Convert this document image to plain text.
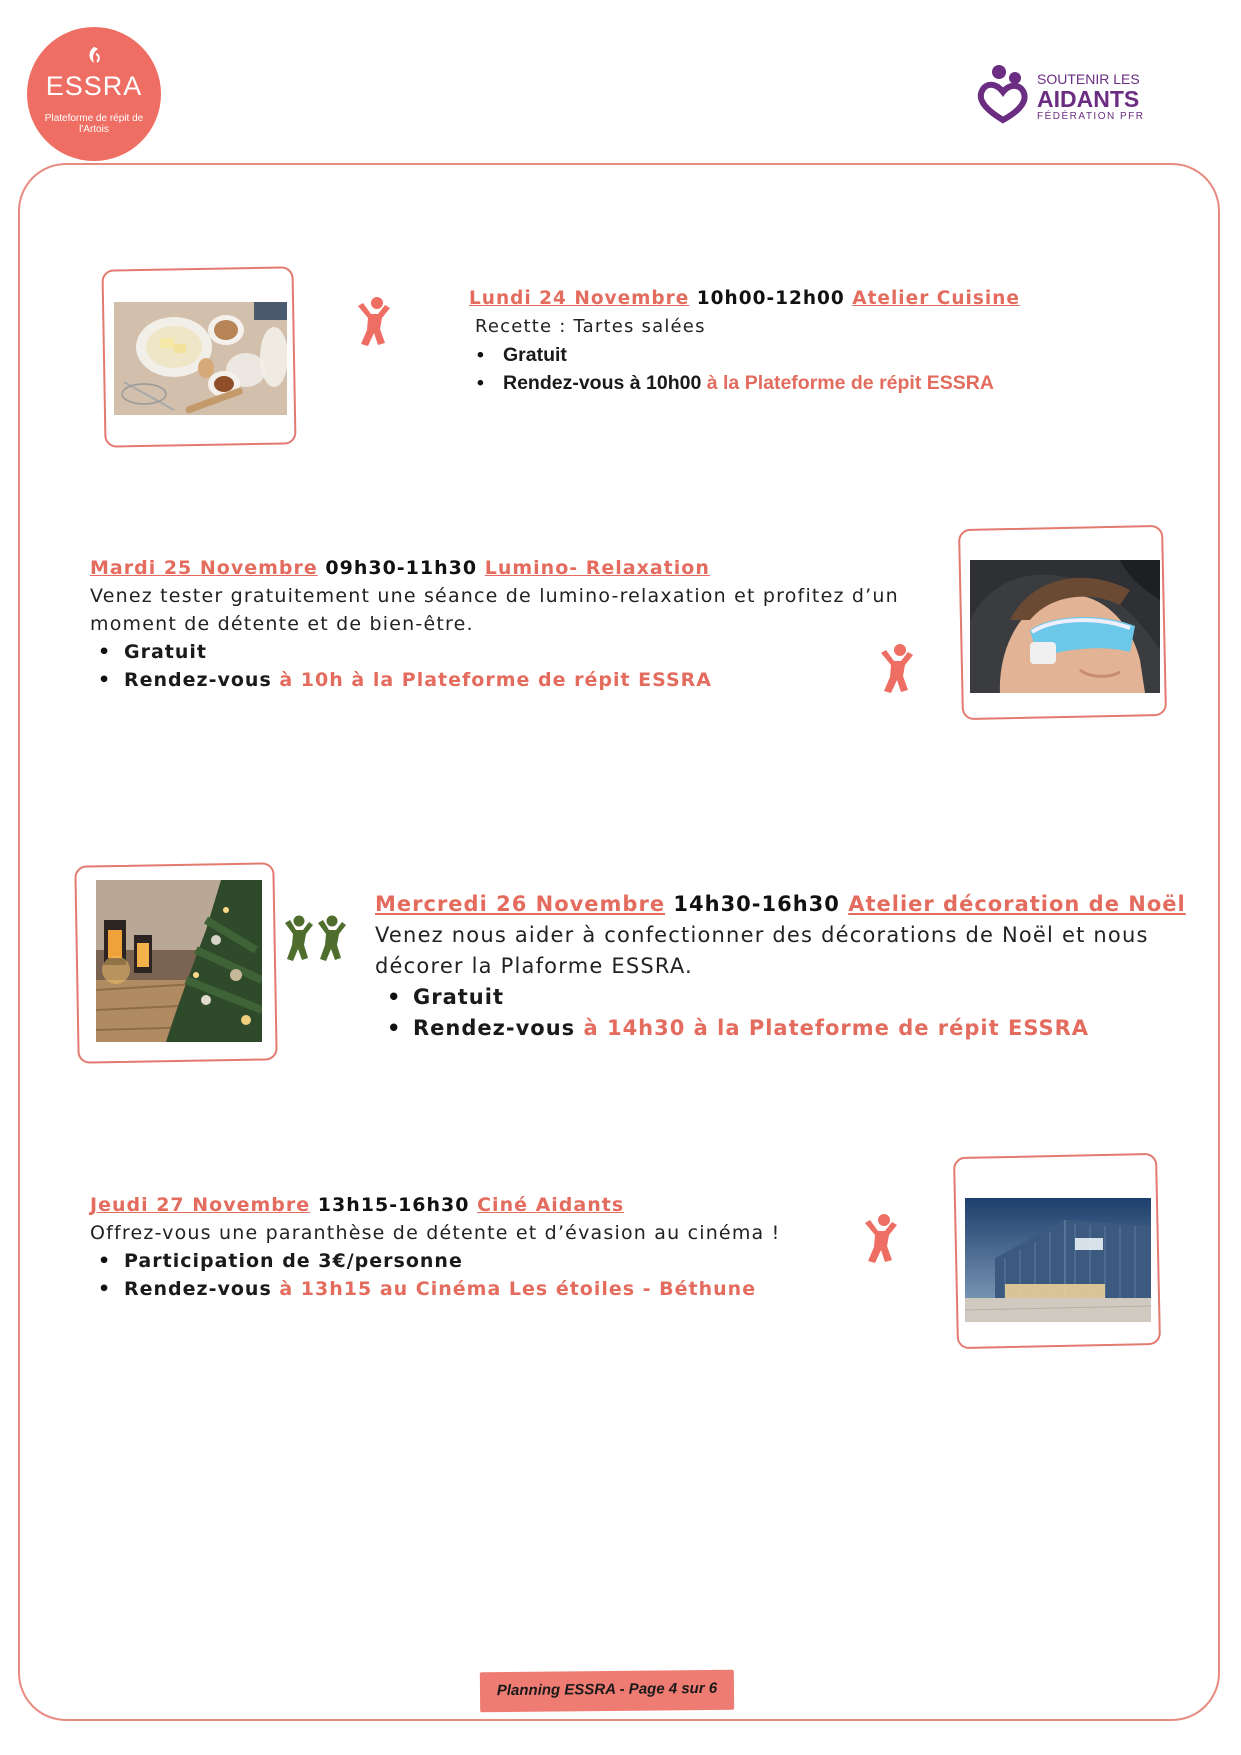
ESSRA
Plateforme de répit de l'Artois
SOUTENIR LES
AIDANTS
FÉDÉRATION PFR
Lundi 24 Novembre 10h00-12h00 Atelier Cuisine
Recette : Tartes salées
• Gratuit
• Rendez-vous à 10h00 à la Plateforme de répit ESSRA
Mardi 25 Novembre 09h30-11h30 Lumino- Relaxation
Venez tester gratuitement une séance de lumino-relaxation et profitez d’un moment de détente et de bien-être.
• Gratuit
• Rendez-vous à 10h à la Plateforme de répit ESSRA
Mercredi 26 Novembre 14h30-16h30 Atelier décoration de Noël
Venez nous aider à confectionner des décorations de Noël et nous décorer la Plaforme ESSRA.
• Gratuit
• Rendez-vous à 14h30 à la Plateforme de répit ESSRA
Jeudi 27 Novembre 13h15-16h30 Ciné Aidants
Offrez-vous une paranthèse de détente et d’évasion au cinéma !
• Participation de 3€/personne
• Rendez-vous à 13h15 au Cinéma Les étoiles - Béthune
Planning ESSRA - Page 4 sur 6
